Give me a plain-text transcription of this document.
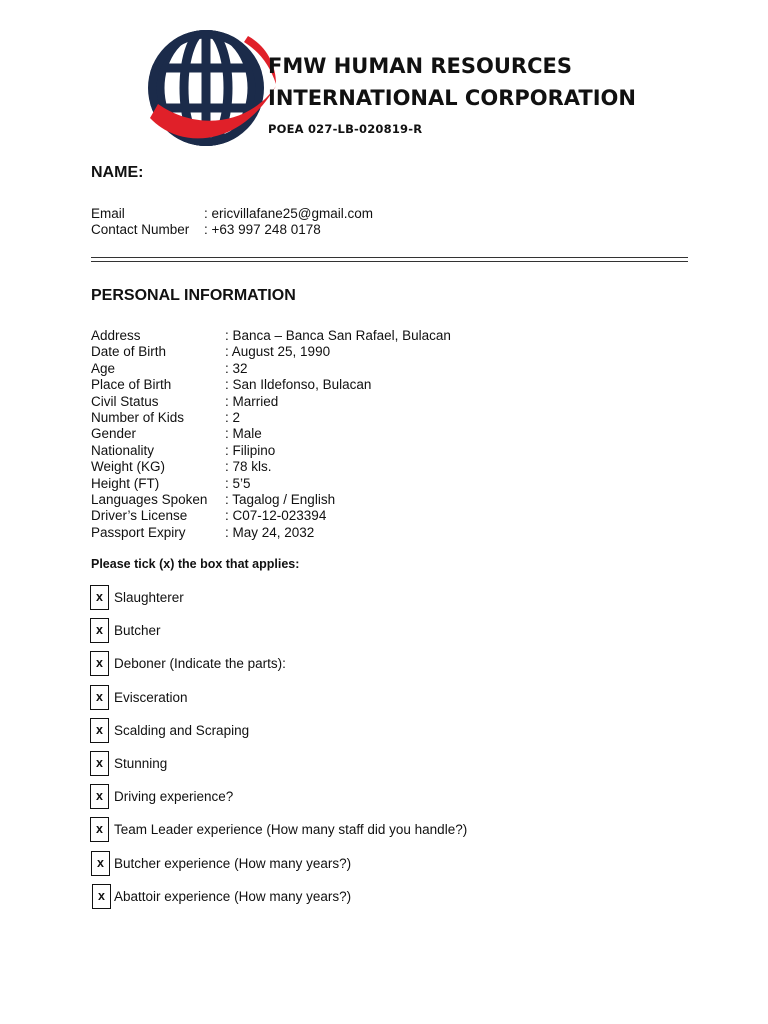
FMW HUMAN RESOURCES
INTERNATIONAL CORPORATION
POEA 027-LB-020819-R
NAME:
Email	: ericvillafane25@gmail.com
Contact Number : +63 997 248 0178
PERSONAL INFORMATION
Address	: Banca – Banca San Rafael, Bulacan
Date of Birth	: August 25, 1990
Age	: 32
Place of Birth	: San Ildefonso, Bulacan
Civil Status	: Married
Number of Kids	: 2
Gender	: Male
Nationality	: Filipino
Weight (KG)	: 78 kls.
Height (FT)	: 5’5
Languages Spoken : Tagalog / English
Driver’s License	: C07-12-023394
Passport Expiry	: May 24, 2032
Please tick (x) the box that applies:
x Slaughterer
x Butcher
x Deboner (Indicate the parts):
x Evisceration
x Scalding and Scraping
x Stunning
x Driving experience?
x Team Leader experience (How many staff did you handle?)
x Butcher experience (How many years?)
x Abattoir experience (How many years?)
